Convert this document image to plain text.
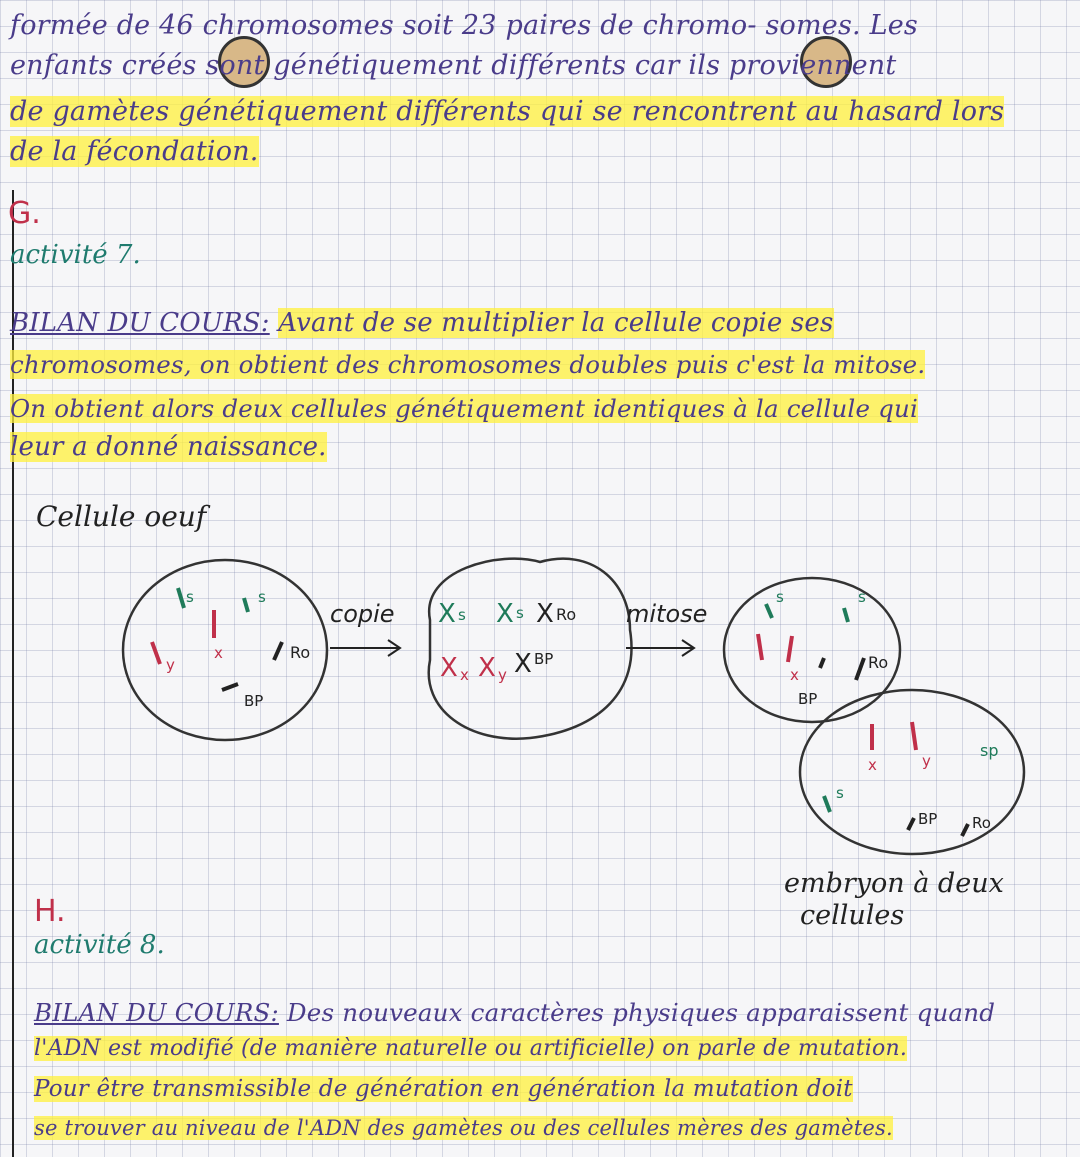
formée de 46 chromosomes soit 23 paires de chromo- somes. Les
enfants créés sont génétiquement différents car ils proviennent
de gamètes génétiquement différents qui se rencontrent au hasard lors
de la fécondation.
G.
activité 7.
BILAN DU COURS: Avant de se multiplier la cellule copie ses
chromosomes, on obtient des chromosomes doubles puis c'est la mitose.
On obtient alors deux cellules génétiquement identiques à la cellule qui
leur a donné naissance.
Cellule oeuf
s	s
x
y
Ro
BP
copie X s X s X Ro
X x X y X BP
mitose
s	s
x
Ro
BP
x	y
sp
s
BP Ro
embryon à deux
cellules
H.
activité 8.
BILAN DU COURS: Des nouveaux caractères physiques apparaissent quand
l'ADN est modifié (de manière naturelle ou artificielle) on parle de mutation.
Pour être transmissible de génération en génération la mutation doit
se trouver au niveau de l'ADN des gamètes ou des cellules mères des gamètes.
